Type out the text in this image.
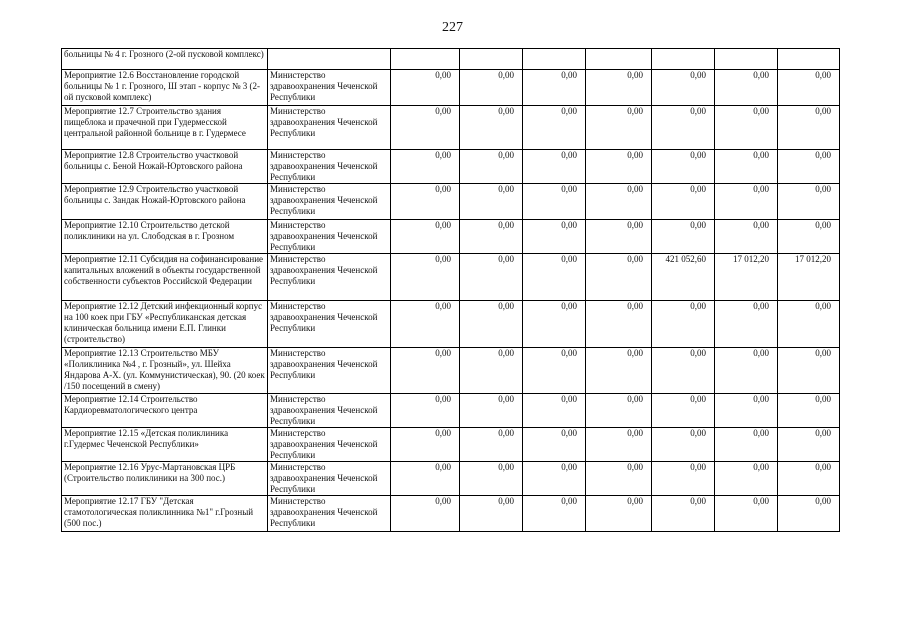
227
больницы № 4 г. Грозного (2-ой пусковой комплекс)								
Мероприятие 12.6 Восстановление городской больницы № 1 г. Грозного, Ш этап - корпус № 3 (2-ой пусковой комплекс)	Министерство здравоохранения Чеченской Республики	0,00	0,00	0,00	0,00	0,00	0,00	0,00
Мероприятие 12.7 Строительство здания пищеблока и прачечной при Гудермесской центральной районной больнице в г. Гудермесе	Министерство здравоохранения Чеченской Республики	0,00	0,00	0,00	0,00	0,00	0,00	0,00
Мероприятие 12.8 Строительство участковой больницы с. Беной Ножай-Юртовского района	Министерство здравоохранения Чеченской Республики	0,00	0,00	0,00	0,00	0,00	0,00	0,00
Мероприятие 12.9 Строительство участковой больницы с. Зандак Ножай-Юртовского района	Министерство здравоохранения Чеченской Республики	0,00	0,00	0,00	0,00	0,00	0,00	0,00
Мероприятие 12.10 Строительство детской поликлиники на ул. Слободская в г. Грозном	Министерство здравоохранения Чеченской Республики	0,00	0,00	0,00	0,00	0,00	0,00	0,00
Мероприятие 12.11 Субсидия на софинансирование капитальных вложений в объекты государственной собственности субъектов Российской Федерации	Министерство здравоохранения Чеченской Республики	0,00	0,00	0,00	0,00	421 052,60	17 012,20	17 012,20
Мероприятие 12.12 Детский инфекционный корпус на 100 коек при ГБУ «Республиканская детская клиническая больница имени Е.П. Глинки (строительство)	Министерство здравоохранения Чеченской Республики	0,00	0,00	0,00	0,00	0,00	0,00	0,00
Мероприятие 12.13 Строительство МБУ «Поликлиника №4 , г. Грозный», ул. Шейха Яндарова А-Х. (ул. Коммунистическая), 90. (20 коек /150 посещений в смену)	Министерство здравоохранения Чеченской Республики	0,00	0,00	0,00	0,00	0,00	0,00	0,00
Мероприятие 12.14 Строительство Кардиоревматологического центра	Министерство здравоохранения Чеченской Республики	0,00	0,00	0,00	0,00	0,00	0,00	0,00
Мероприятие 12.15 «Детская поликлиника г.Гудермес Чеченской Республики»	Министерство здравоохранения Чеченской Республики	0,00	0,00	0,00	0,00	0,00	0,00	0,00
Мероприятие 12.16 Урус-Мартановская ЦРБ (Строительство поликлиники на 300 пос.)	Министерство здравоохранения Чеченской Республики	0,00	0,00	0,00	0,00	0,00	0,00	0,00
Мероприятие 12.17 ГБУ "Детская стамотологическая поликлинника №1" г.Грозный (500 пос.)	Министерство здравоохранения Чеченской Республики	0,00	0,00	0,00	0,00	0,00	0,00	0,00
